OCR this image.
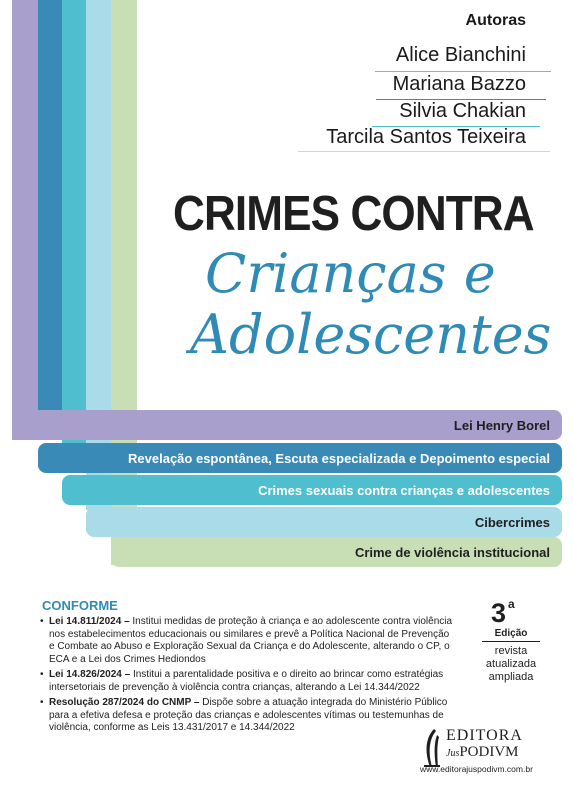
Autoras
Alice Bianchini
Mariana Bazzo
Silvia Chakian
Tarcila Santos Teixeira
CRIMES CONTRA
Crianças e
Adolescentes
Lei Henry Borel
Revelação espontânea, Escuta especializada e Depoimento especial
Crimes sexuais contra crianças e adolescentes
Cibercrimes
Crime de violência institucional
CONFORME
• Lei 14.811/2024 – Institui medidas de proteção à criança e ao adolescente contra violência nos estabelecimentos educacionais ou similares e prevê a Política Nacional de Prevenção e Combate ao Abuso e Exploração Sexual da Criança e do Adolescente, alterando o CP, o ECA e a Lei dos Crimes Hediondos
• Lei 14.826/2024 – Institui a parentalidade positiva e o direito ao brincar como estratégias intersetoriais de prevenção à violência contra crianças, alterando a Lei 14.344/2022
• Resolução 287/2024 do CNMP – Dispõe sobre a atuação integrada do Ministério Público para a efetiva defesa e proteção das crianças e adolescentes vítimas ou testemunhas de violência, conforme as Leis 13.431/2017 e 14.344/2022
3 a
Edição
revista
atualizada
ampliada
EDITORA
JusPODIVM
www.editorajuspodivm.com.br
